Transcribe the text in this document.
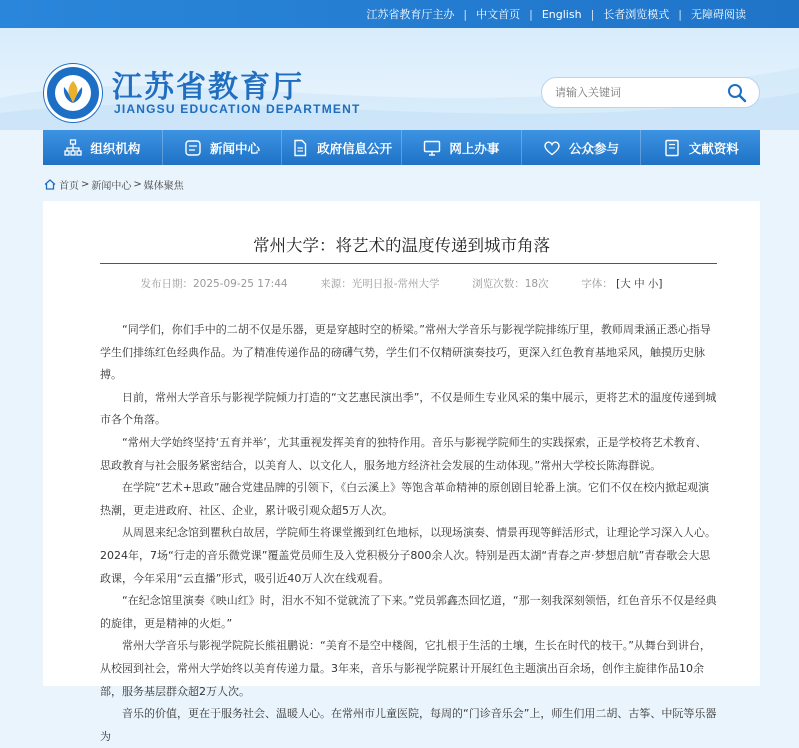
江苏省教育厅主办 | 中文首页 | English | 长者浏览模式 | 无障碍阅读
江苏省教育厅
JIANGSU EDUCATION DEPARTMENT
请输入关键词
组织机构	新闻中心	政府信息公开	网上办事	公众参与	文献资料
首页 > 新闻中心 > 媒体聚焦
常州大学：将艺术的温度传递到城市角落
发布日期：2025-09-25 17:44	来源：光明日报-常州大学	浏览次数：18次	字体： [大 中 小]

“同学们，你们手中的二胡不仅是乐器，更是穿越时空的桥梁。”常州大学音乐与影视学院排练厅里，教师周秉涵正悉心指导学生们排练红色经典作品。为了精准传递作品的磅礴气势，学生们不仅精研演奏技巧，更深入红色教育基地采风，触摸历史脉搏。

日前，常州大学音乐与影视学院倾力打造的“文艺惠民演出季”，不仅是师生专业风采的集中展示，更将艺术的温度传递到城市各个角落。

“常州大学始终坚持‘五育并举’，尤其重视发挥美育的独特作用。音乐与影视学院师生的实践探索，正是学校将艺术教育、思政教育与社会服务紧密结合，以美育人、以文化人，服务地方经济社会发展的生动体现。”常州大学校长陈海群说。

在学院“艺术+思政”融合党建品牌的引领下，《白云溪上》等饱含革命精神的原创剧目轮番上演。它们不仅在校内掀起观演热潮，更走进政府、社区、企业，累计吸引观众超5万人次。

从周恩来纪念馆到瞿秋白故居，学院师生将课堂搬到红色地标，以现场演奏、情景再现等鲜活形式，让理论学习深入人心。2024年，7场“行走的音乐微党课”覆盖党员师生及入党积极分子800余人次。特别是西太湖“青春之声·梦想启航”青春歌会大思政课，今年采用“云直播”形式，吸引近40万人次在线观看。

“在纪念馆里演奏《映山红》时，泪水不知不觉就流了下来。”党员郭鑫杰回忆道，“那一刻我深刻领悟，红色音乐不仅是经典的旋律，更是精神的火炬。”

常州大学音乐与影视学院院长熊祖鹏说：“美育不是空中楼阁，它扎根于生活的土壤，生长在时代的枝干。”从舞台到讲台，从校园到社会，常州大学始终以美育传递力量。3年来，音乐与影视学院累计开展红色主题演出百余场，创作主旋律作品10余部，服务基层群众超2万人次。

音乐的价值，更在于服务社会、温暖人心。在常州市儿童医院，每周的“门诊音乐会”上，师生们用二胡、古筝、中阮等乐器为
